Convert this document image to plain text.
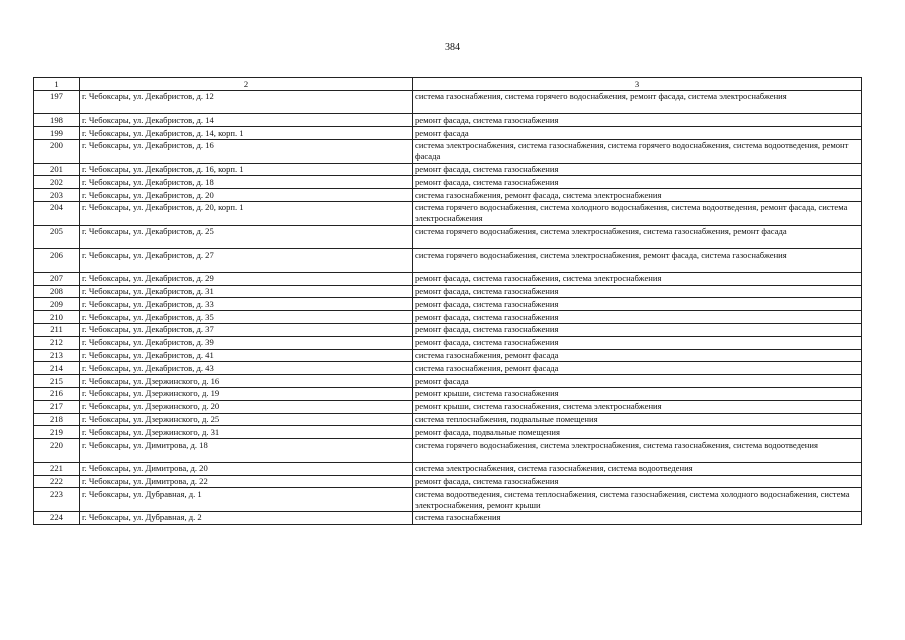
384
1	2	3
197	г. Чебоксары, ул. Декабристов, д. 12	система газоснабжения, система горячего водоснабжения, ремонт фасада, система электроснабжения
198	г. Чебоксары, ул. Декабристов, д. 14	ремонт фасада, система газоснабжения
199	г. Чебоксары, ул. Декабристов, д. 14, корп. 1	ремонт фасада
200	г. Чебоксары, ул. Декабристов, д. 16	система электроснабжения, система газоснабжения, система горячего водоснабжения, система водоотведения, ремонт фасада
201	г. Чебоксары, ул. Декабристов, д. 16, корп. 1	ремонт фасада, система газоснабжения
202	г. Чебоксары, ул. Декабристов, д. 18	ремонт фасада, система газоснабжения
203	г. Чебоксары, ул. Декабристов, д. 20	система газоснабжения, ремонт фасада, система электроснабжения
204	г. Чебоксары, ул. Декабристов, д. 20, корп. 1	система горячего водоснабжения, система холодного водоснабжения, система водоотведения, ремонт фасада, система электроснабжения
205	г. Чебоксары, ул. Декабристов, д. 25	система горячего водоснабжения, система электроснабжения, система газоснабжения, ремонт фасада
206	г. Чебоксары, ул. Декабристов, д. 27	система горячего водоснабжения, система электроснабжения, ремонт фасада, система газоснабжения
207	г. Чебоксары, ул. Декабристов, д. 29	ремонт фасада, система газоснабжения, система электроснабжения
208	г. Чебоксары, ул. Декабристов, д. 31	ремонт фасада, система газоснабжения
209	г. Чебоксары, ул. Декабристов, д. 33	ремонт фасада, система газоснабжения
210	г. Чебоксары, ул. Декабристов, д. 35	ремонт фасада, система газоснабжения
211	г. Чебоксары, ул. Декабристов, д. 37	ремонт фасада, система газоснабжения
212	г. Чебоксары, ул. Декабристов, д. 39	ремонт фасада, система газоснабжения
213	г. Чебоксары, ул. Декабристов, д. 41	система газоснабжения, ремонт фасада
214	г. Чебоксары, ул. Декабристов, д. 43	система газоснабжения, ремонт фасада
215	г. Чебоксары, ул. Дзержинского, д. 16	ремонт фасада
216	г. Чебоксары, ул. Дзержинского, д. 19	ремонт крыши, система газоснабжения
217	г. Чебоксары, ул. Дзержинского, д. 20	ремонт крыши, система газоснабжения, система электроснабжения
218	г. Чебоксары, ул. Дзержинского, д. 25	система теплоснабжения, подвальные помещения
219	г. Чебоксары, ул. Дзержинского, д. 31	ремонт фасада, подвальные помещения
220	г. Чебоксары, ул. Димитрова, д. 18	система горячего водоснабжения, система электроснабжения, система газоснабжения, система водоотведения
221	г. Чебоксары, ул. Димитрова, д. 20	система электроснабжения, система газоснабжения, система водоотведения
222	г. Чебоксары, ул. Димитрова, д. 22	ремонт фасада, система газоснабжения
223	г. Чебоксары, ул. Дубравная, д. 1	система водоотведения, система теплоснабжения, система газоснабжения, система холодного водоснабжения, система электроснабжения, ремонт крыши
224	г. Чебоксары, ул. Дубравная, д. 2	система газоснабжения
